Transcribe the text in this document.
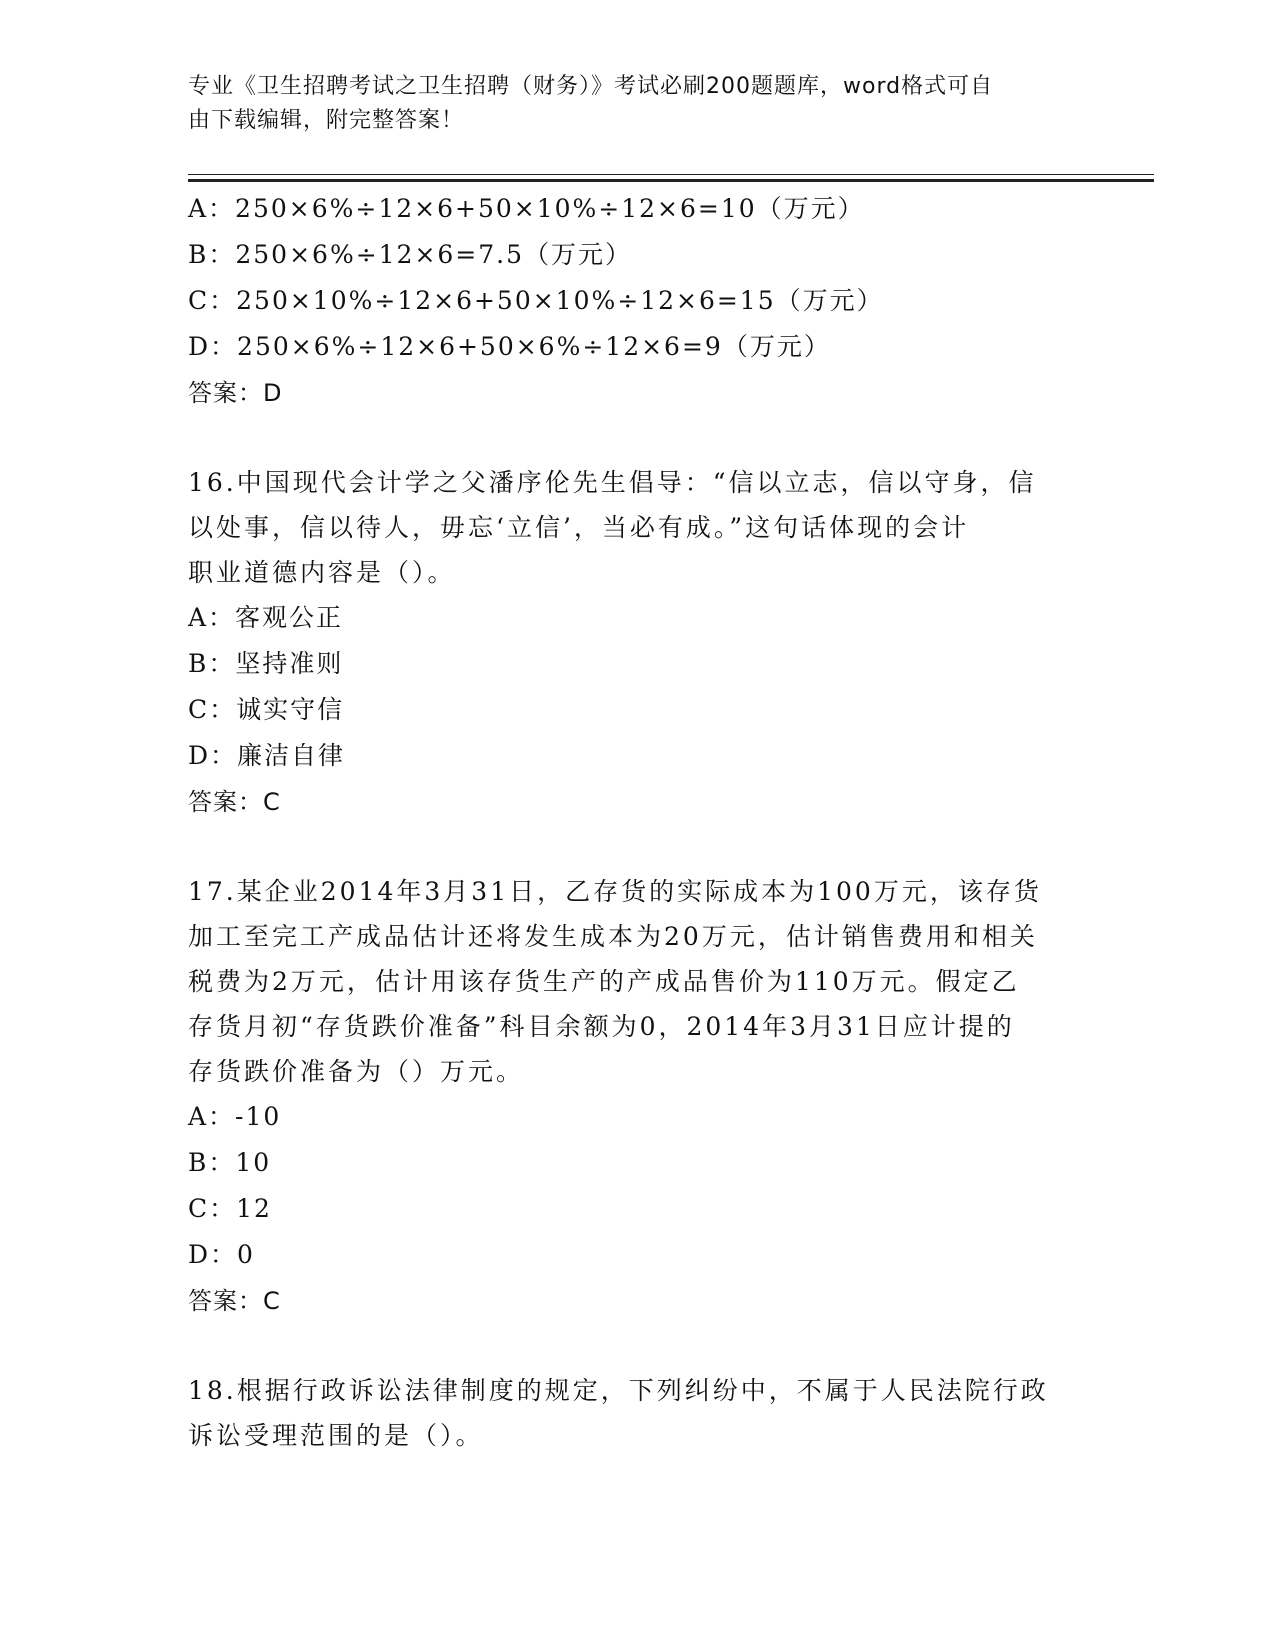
专业《卫生招聘考试之卫生招聘（财务）》考试必刷200题题库，word格式可自
由下载编辑，附完整答案！
A：250×6%÷12×6+50×10%÷12×6=10（万元）
B：250×6%÷12×6=7.5（万元）
C：250×10%÷12×6+50×10%÷12×6=15（万元）
D：250×6%÷12×6+50×6%÷12×6=9（万元）
答案：D
16.中国现代会计学之父潘序伦先生倡导：“信以立志，信以守身，信
以处事，信以待人，毋忘‘立信’，当必有成。”这句话体现的会计
职业道德内容是（）。
A：客观公正
B：坚持准则
C：诚实守信
D：廉洁自律
答案：C
17.某企业2014年3月31日，乙存货的实际成本为100万元，该存货
加工至完工产成品估计还将发生成本为20万元，估计销售费用和相关
税费为2万元，估计用该存货生产的产成品售价为110万元。假定乙
存货月初“存货跌价准备”科目余额为0，2014年3月31日应计提的
存货跌价准备为（）万元。
A：-10
B：10
C：12
D：0
答案：C
18.根据行政诉讼法律制度的规定，下列纠纷中，不属于人民法院行政
诉讼受理范围的是（）。
